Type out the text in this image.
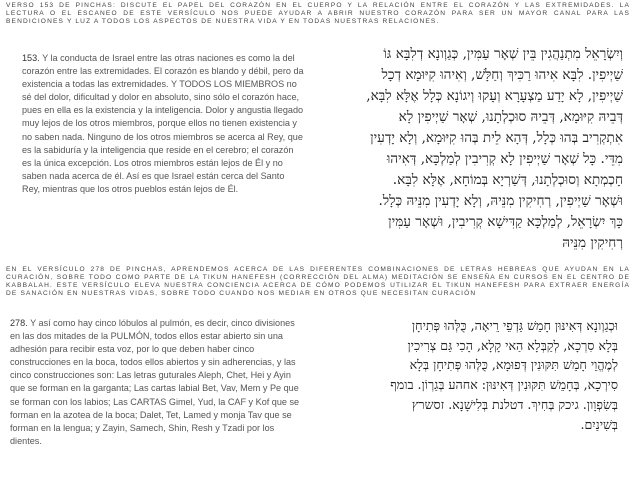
VERSO 153 DE PINCHAS: DISCUTE EL PAPEL DEL CORAZÓN EN EL CUERPO Y LA RELACIÓN ENTRE EL CORAZÓN Y LAS EXTREMIDADES. LA LECTURA O EL ESCANEO DE ESTE VERSÍCULO NOS PUEDE AYUDAR A ABRIR NUESTRO CORAZÓN PARA SER UN MAYOR CANAL PARA LAS BENDICIONES Y LUZ A TODOS LOS ASPECTOS DE NUESTRA VIDA Y EN TODAS NUESTRAS RELACIONES.
153. Y la conducta de Israel entre las otras naciones es como la del corazón entre las extremidades. El corazón es blando y débil, pero da existencia a todas las extremidades. Y TODOS LOS MIEMBROS no sé del dolor, dificultad y dolor en absoluto, sino sólo el corazón hace, pues en ella es la existencia y la inteligencia. Dolor y angustia llegado muy lejos de los otros miembros, porque ellos no tienen existencia y no saben nada. Ninguno de los otros miembros se acerca al Rey, que es la sabiduría y la inteligencia que reside en el cerebro; el corazón es la única excepción. Los otros miembros están lejos de Él y no saben nada acerca de él. Así es que Israel están cerca del Santo Rey, mientras que los otros pueblos están lejos de Él.
וְיִשְׂרָאֵל מִתְנַהֲגִין בֵּין שְׁאָר עַמִּין, כְּגַוְונָא דְלִבָּא גּוֹ
שַׁיְיפִין. לִבָּא אִיהוּ רַכִּיךְ וְחַלָּשׁ, וְאִיהוּ קִיּוּמָא דְכָל
שַׁיְיפִין, לָא יָדַע מַצְעָרָא וְעָקוּ וְיגוֹנָא כְּלָל אֶלָּא לִבָּא,
דְּבֵיהּ קִיּוּמָא, דְּבֵיהּ סוּכְלְתָנוּ, שְׁאָר שַׁיְיפִין לָא
אִתְקְרִיב בְּהוּ כְּלָל, דְּהָא לֵית בְּהוּ קִיּוּמָא, וְלָא יָדְעִין
מִדֵּי. כָּל שְׁאָר שַׁיְיפִין לָא קְרִיבִין לְמַלְכָּא, דְּאִיהוּ
חָכְמְתָא וְסוּכְלְתָנוּ, דְּשַׁרְיָא בְּמוֹחָא, אֶלָּא לִבָּא.
וּשְׁאָר שַׁיְיפִין, רְחִיקִין מִנֵּיהּ, וְלָא יָדְעִין מִנֵּיהּ כְּלָל.
כָּךְ יִשְׂרָאֵל, לְמַלְכָּא קַדִּישָׁא קְרִיבִין, וּשְׁאָר עַמִּין
רְחִיקִין מִנֵּיהּ
EN EL VERSÍCULO 278 DE PINCHAS, APRENDEMOS ACERCA DE LAS DIFERENTES COMBINACIONES DE LETRAS HEBREAS QUE AYUDAN EN LA CURACIÓN, SOBRE TODO COMO PARTE DE LA TIKUN HANEFESH (CORRECCIÓN DEL ALMA) MEDITACIÓN SE ENSEÑA EN CURSOS EN EL CENTRO DE KABBALAH. ESTE VERSÍCULO ELEVA NUESTRA CONCIENCIA ACERCA DE CÓMO PODEMOS UTILIZAR EL TIKUN HANEFESH PARA EXTRAER ENERGÍA DE SANACIÓN EN NUESTRAS VIDAS, SOBRE TODO CUANDO NOS MEDIAR EN OTROS QUE NECESITAN CURACIÓN
278. Y así como hay cinco lóbulos al pulmón, es decir, cinco divisiones en las dos mitades de la PULMÓN, todos ellos estar abierto sin una adhesión para recibir esta voz, por lo que deben haber cinco construcciones en la boca, todos ellos abiertos y sin adherencias, y las cinco construcciones son: Las letras guturales Aleph, Chet, Hei y Ayin que se forman en la garganta; Las cartas labial Bet, Vav, Mem y Pe que se forman con los labios; Las CARTAS Gimel, Yud, la CAF y Kof que se forman en la azotea de la boca; Dalet, Tet, Lamed y monja Tav que se forman en la lengua; y Zayin, Samech, Shin, Resh y Tzadi por los dientes.
וּכְגַוְונָא דְּאִינּוּן חָמֵשׁ גַּדְפֵי רֵיאָה, כֻּלְּהוּ פְּתִיחָן
בְּלָא סִרְכָא, לְקַבְּלָא הַאי קָלָא, הָכִי גַּם צְרִיכִין
לְמֶהֱוֵי חָמֵשׁ תִּקּוּנִין דְּפוּמָא, כֻּלְּהוּ פְּתִיחָן בְּלָא
סִירְכָא, בְּחָמֵשׁ תִּקּוּנִין דְּאִינּוּן: אחהע בְּגַרְוֹן. בומף
בְּשִׂפְוָון. גיכק בְּחִיךְ. דטלנת בְּלִישָׁנָא. זסשרץ
בְּשִׁינַיִם.
